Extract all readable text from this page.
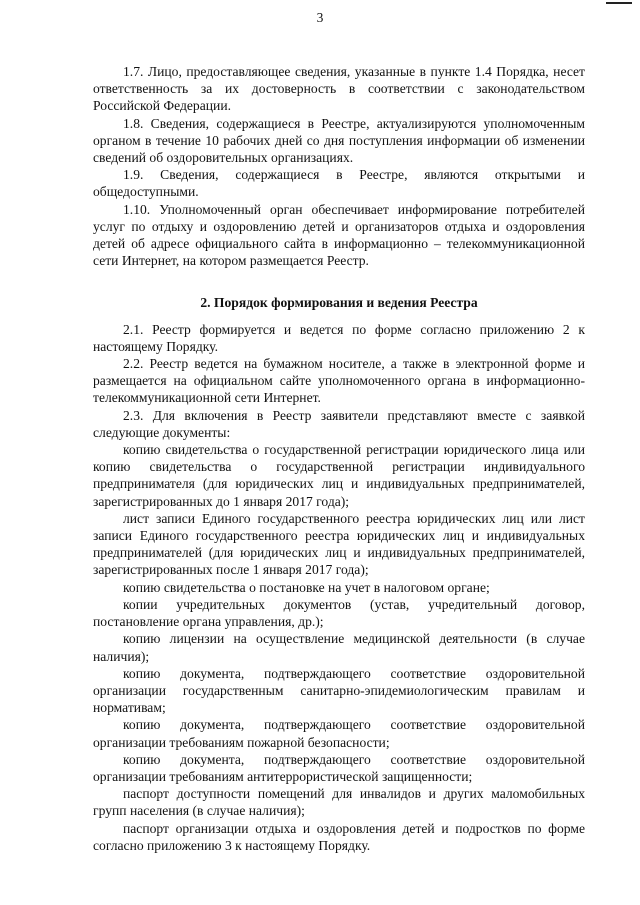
3

1.7. Лицо, предоставляющее сведения, указанные в пункте 1.4 Порядка, несет ответственность за их достоверность в соответствии с законодательством Российской Федерации.

1.8. Сведения, содержащиеся в Реестре, актуализируются уполномоченным органом в течение 10 рабочих дней со дня поступления информации об изменении сведений об оздоровительных организациях.

1.9. Сведения, содержащиеся в Реестре, являются открытыми и общедоступными.

1.10. Уполномоченный орган обеспечивает информирование потребителей услуг по отдыху и оздоровлению детей и организаторов отдыха и оздоровления детей об адресе официального сайта в информационно – телекоммуникационной сети Интернет, на котором размещается Реестр.

2. Порядок формирования и ведения Реестра

2.1. Реестр формируется и ведется по форме согласно приложению 2 к настоящему Порядку.

2.2. Реестр ведется на бумажном носителе, а также в электронной форме и размещается на официальном сайте уполномоченного органа в информационно-телекоммуникационной сети Интернет.

2.3. Для включения в Реестр заявители представляют вместе с заявкой следующие документы:

копию свидетельства о государственной регистрации юридического лица или копию свидетельства о государственной регистрации индивидуального предпринимателя (для юридических лиц и индивидуальных предпринимателей, зарегистрированных до 1 января 2017 года);

лист записи Единого государственного реестра юридических лиц или лист записи Единого государственного реестра юридических лиц и индивидуальных предпринимателей (для юридических лиц и индивидуальных предпринимателей, зарегистрированных после 1 января 2017 года);

копию свидетельства о постановке на учет в налоговом органе;

копии учредительных документов (устав, учредительный договор, постановление органа управления, др.);

копию лицензии на осуществление медицинской деятельности (в случае наличия);

копию документа, подтверждающего соответствие оздоровительной организации государственным санитарно-эпидемиологическим правилам и нормативам;

копию документа, подтверждающего соответствие оздоровительной организации требованиям пожарной безопасности;

копию документа, подтверждающего соответствие оздоровительной организации требованиям антитеррористической защищенности;

паспорт доступности помещений для инвалидов и других маломобильных групп населения (в случае наличия);

паспорт организации отдыха и оздоровления детей и подростков по форме согласно приложению 3 к настоящему Порядку.
